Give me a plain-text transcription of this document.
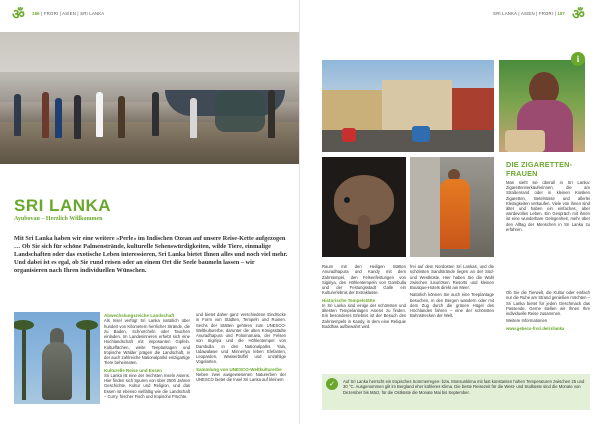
ॐ	186 | FRORI | ASIEN | SRI LANKA
SRI LANKA
Ayubovan – Herzlich Willkommen
Mit Sri Lanka haben wir eine weitere »Perle« im Indischen Ozean auf unsere Reise-Kette aufgezogen … Ob Sie sich für schöne Palmenstrände, kulturelle Sehenswürdigkeiten, wilde Tiere, einmalige Landschaften oder das exotische Leben interessieren, Sri Lanka bietet Ihnen alles und noch viel mehr. Und dabei ist es egal, ob Sie rund reisen oder an einem Ort die Seele baumeln lassen – wir organisieren nach Ihren individuellen Wünschen.
Abwechslungsreiche Landschaft

Als Insel verfügt Sri Lanka natürlich über hundert von Kilometern herrlicher Strände, die zu Baden, Schnorcheln oder Tauchen einladen. Im Landesinneren erhebt sich eine Hochlandschaft mit imposanten Gipfeln. Kulturflächen, weite Teeplantagen und tropische Wälder prägen die Landschaft, in der auch zahlreiche Nationalparks einzigartige Tiere beheimaten.

Kulturelle Reise und Essen

Sri Lanka ist eine der reichsten Inseln Asiens. Hier finden sich Spuren von über 2500 Jahren Geschichte, Kultur und Religion, und das Essen ist ebenso vielfältig wie die Landschaft – Curry, frischer Fisch und tropische Früchte.

und bietet daher ganz verschiedene Eindrücke in Form von Städten, Tempeln und Ruinen. Sechs der Stätten gehören zum UNESCO-Weltkulturerbe, darunter die alten Königsstädte Anuradhapura und Polonnaruwa, der Felsen von Sigiriya und die Höhlentempel von Dambulla. In den Nationalparks Yala, Udawalawe und Minneriya leben Elefanten, Leoparden, Wasserbüffel und unzählige Vogelarten.

Sammlung von UNESCO-Weltkulturerbe

Neben zwei ausgewiesenen Naturerben der UNESCO bietet die Insel Sri Lanka auf kleinem

SRI LANKA | ASIEN | FRORI | 187 ॐ
i
DIE ZIGARETTEN-FRAUEN
Man sieht sie überall in Sri Lanka: Zigarettenverkäuferinnen, die am Straßenrand oder in kleinen Kiosken Zigaretten, Betelnüsse und allerlei Kleinigkeiten verkaufen. Viele von ihnen sind älter und haben ein einfaches, aber würdevolles Leben. Ein Gespräch mit ihnen ist eine wunderbare Gelegenheit, mehr über den Alltag der Menschen in Sri Lanka zu erfahren.

Raum mit den Heiligen Stätten Anuradhapura und Kandy mit dem Zahntempel, den Felsenfestungen von Sigiriya, den Höhlentempeln von Dambulla und der Festungsstadt Galle ein Kulturerlebnis der Extraklasse.

Historische Tempelstätte

In Sri Lanka sind einige der schönsten und ältesten Tempelanlagen Asiens zu finden. Ein besonderes Erlebnis ist der Besuch des Zahntempels in Kandy, in dem eine Reliquie Buddhas aufbewahrt wird.

frei auf dem Nordosten Sri Lankas, und die schönsten Sandstrände liegen an der Süd- und Westküste. Hier haben Sie die Wahl zwischen luxuriösen Resorts und kleinen Boutique-Hotels direkt am Meer.

Natürlich können Sie auch eine Teeplantage besuchen, in den Bergen wandern oder mit dem Zug durch die grünen Hügel des Hochlandes fahren – eine der schönsten Bahnstrecken der Welt.

Ob Sie die Tierwelt, die Kultur oder einfach nur die Ruhe am Strand genießen möchten – Sri Lanka bietet für jeden Geschmack das Passende. Gerne stellen wir Ihnen Ihre individuelle Reise zusammen.

Weitere Informationen

www.gebeco-frori.de/srilanka

✓	Auf Sri Lanka herrscht ein tropisches Sommerregen- bzw. Monsunklima mit fast konstanten hohen Temperaturen zwischen 25 und 30 °C. Ausgenommen gilt im Bergland eher kühleres Klima. Die beste Reisezeit für die West- und Südküste sind die Monate von Dezember bis März, für die Ostküste die Monate Mai bis September.
